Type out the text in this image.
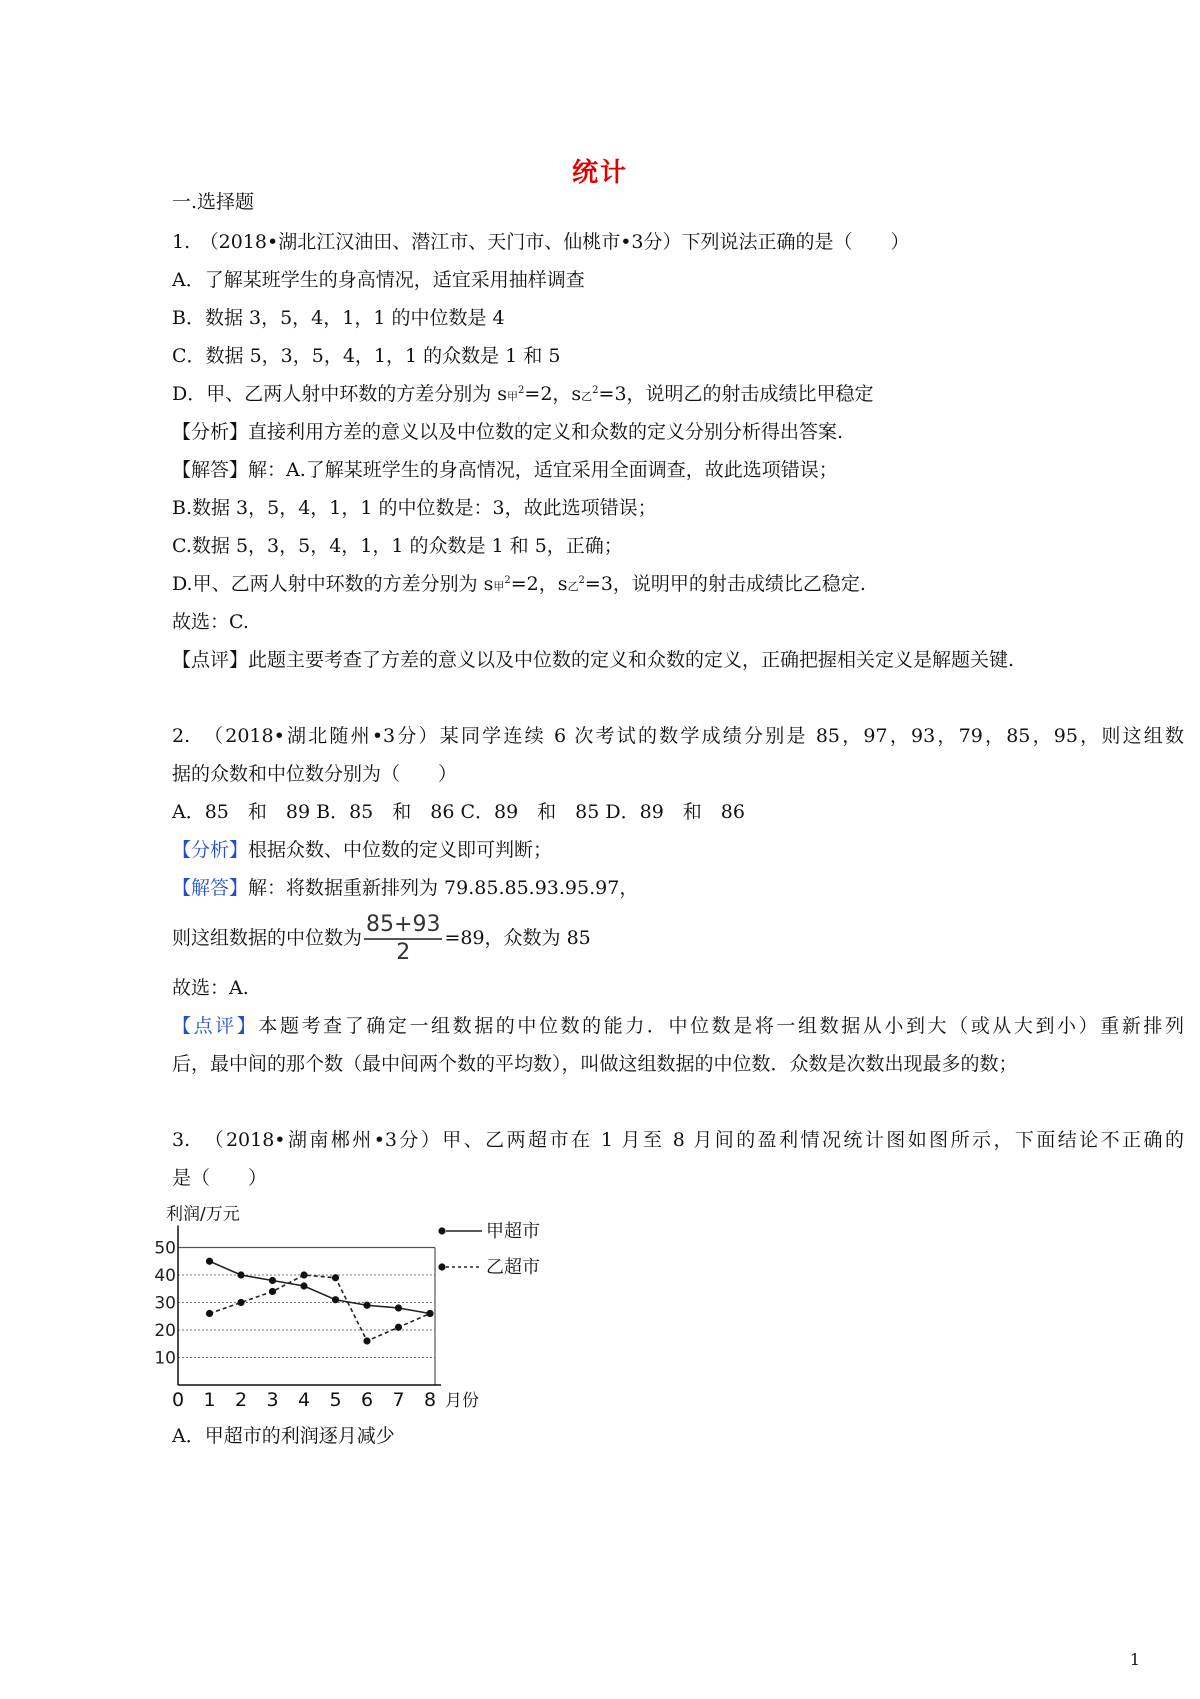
统计
一.选择题
1.　（2018•湖北江汉油田、潜江市、天门市、仙桃市•3分）下列说法正确的是（　　）
A．了解某班学生的身高情况，适宜采用抽样调查
B．数据 3，5，4，1，1 的中位数是 4
C．数据 5，3，5，4，1，1 的众数是 1 和 5
D．甲、乙两人射中环数的方差分别为 s甲$^2$=2，s乙$^2$=3，说明乙的射击成绩比甲稳定
【分析】直接利用方差的意义以及中位数的定义和众数的定义分别分析得出答案.
【解答】解：A.了解某班学生的身高情况，适宜采用全面调查，故此选项错误；
B.数据 3，5，4，1，1 的中位数是：3，故此选项错误；
C.数据 5，3，5，4，1，1 的众数是 1 和 5，正确；
D.甲、乙两人射中环数的方差分别为 s甲$^2$=2，s乙$^2$=3，说明甲的射击成绩比乙稳定.
故选：C.
【点评】此题主要考查了方差的意义以及中位数的定义和众数的定义，正确把握相关定义是解题关键.
2.　（2018•湖北随州•3分）某同学连续 6 次考试的数学成绩分别是 85，97，93，79，85，95，则这组数
据的众数和中位数分别为（　　）
A．85　和　89 B．85　和　86 C．89　和　85 D．89　和　86
【分析】根据众数、中位数的定义即可判断；
【解答】解：将数据重新排列为 79.85.85.93.95.97，
则这组数据的中位数为 $\frac{85+93}{2} =89$，众数为 85
故选：A.
【点评】本题考查了确定一组数据的中位数的能力．中位数是将一组数据从小到大（或从大到小）重新排列
后，最中间的那个数（最中间两个数的平均数），叫做这组数据的中位数．众数是次数出现最多的数；
3.　（2018•湖南郴州•3分）甲、乙两超市在 1 月至 8 月间的盈利情况统计图如图所示，下面结论不正确的
是（　　）
10
20
30
40
50
利润/万元
0 1 2 3 4 5 6 7 8 月份
甲超市
乙超市
A．甲超市的利润逐月减少
1
